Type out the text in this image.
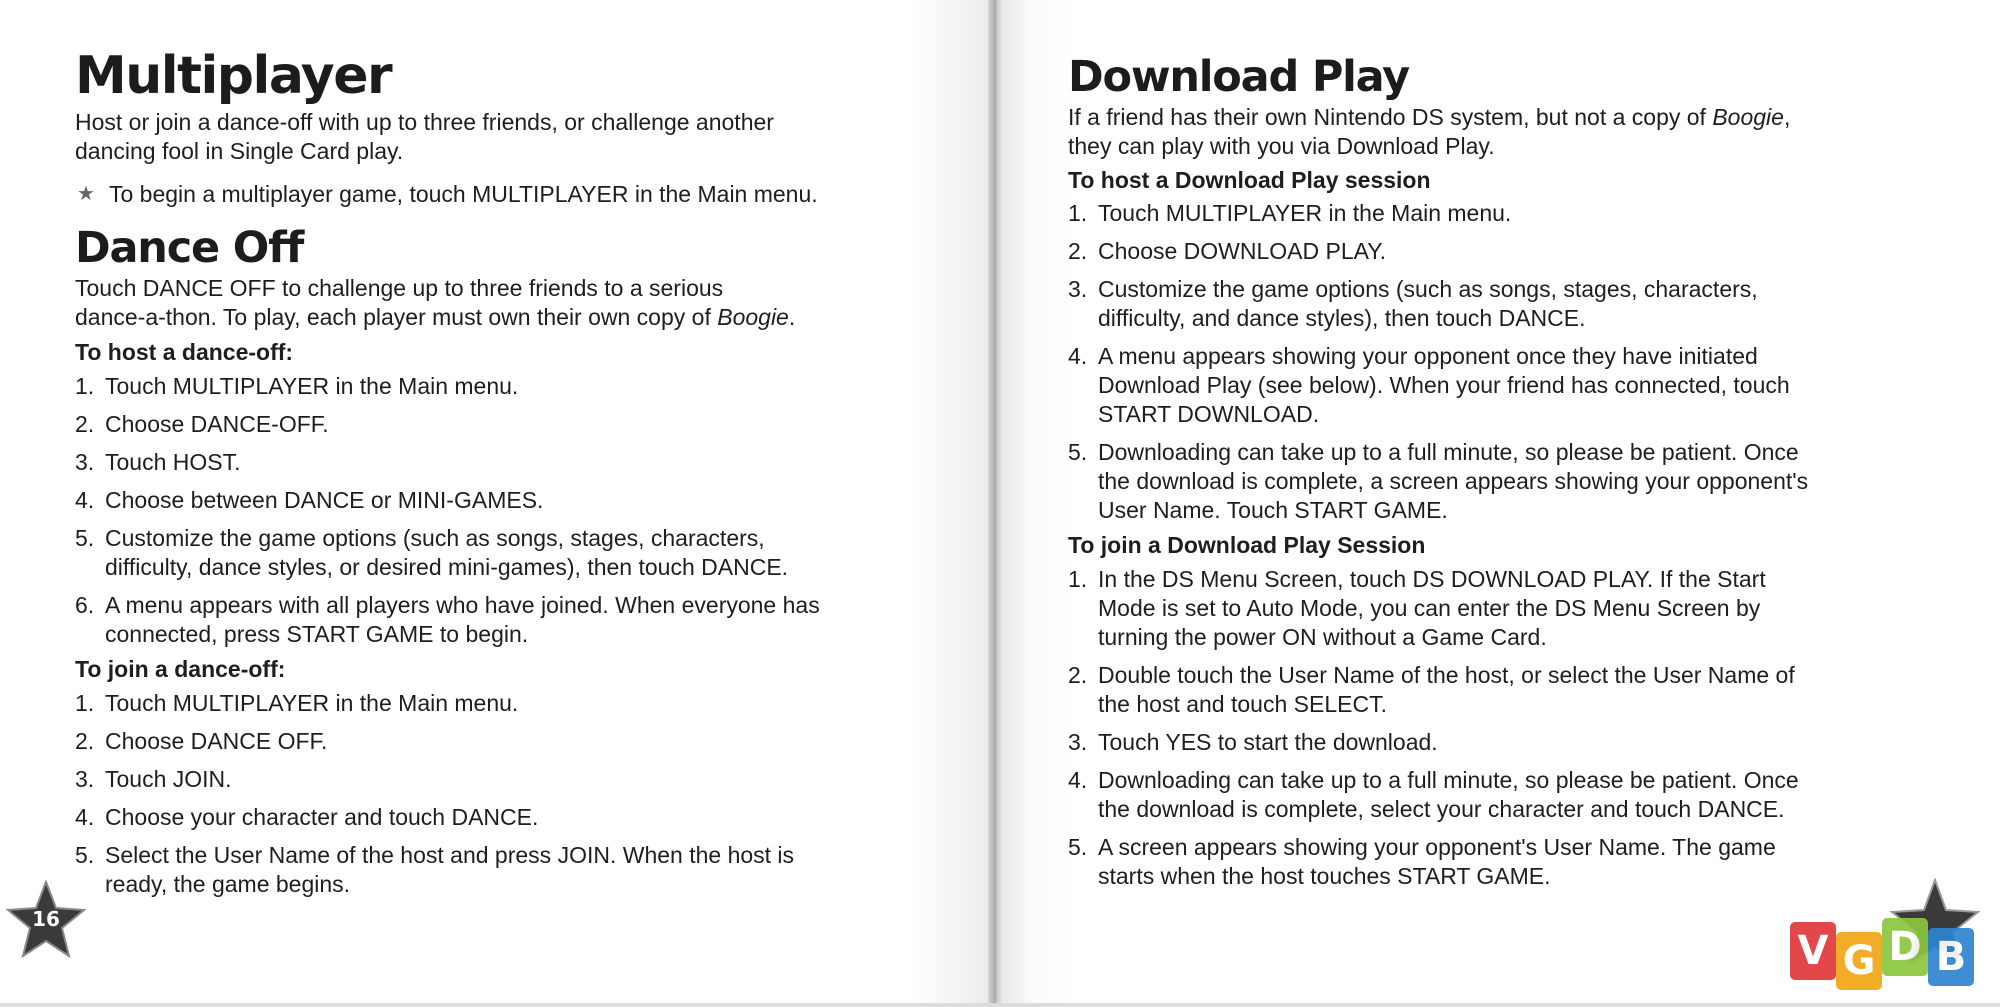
Multiplayer

Host or join a dance-off with up to three friends, or challenge another

dancing fool in Single Card play.

★ To begin a multiplayer game, touch MULTIPLAYER in the Main menu.
Dance Off

Touch DANCE OFF to challenge up to three friends to a serious

dance-a-thon. To play, each player must own their own copy of Boogie.

To host a dance-off:
1. Touch MULTIPLAYER in the Main menu.
2. Choose DANCE-OFF.
3. Touch HOST.
4. Choose between DANCE or MINI-GAMES.
5. Customize the game options (such as songs, stages, characters,
difficulty, dance styles, or desired mini-games), then touch DANCE.
6. A menu appears with all players who have joined. When everyone has
connected, press START GAME to begin.
To join a dance-off:
1. Touch MULTIPLAYER in the Main menu.
2. Choose DANCE OFF.
3. Touch JOIN.
4. Choose your character and touch DANCE.
5. Select the User Name of the host and press JOIN. When the host is
ready, the game begins.
16
Download Play

If a friend has their own Nintendo DS system, but not a copy of Boogie,

they can play with you via Download Play.

To host a Download Play session
1. Touch MULTIPLAYER in the Main menu.
2. Choose DOWNLOAD PLAY.
3. Customize the game options (such as songs, stages, characters,
difficulty, and dance styles), then touch DANCE.
4. A menu appears showing your opponent once they have initiated
Download Play (see below). When your friend has connected, touch
START DOWNLOAD.
5. Downloading can take up to a full minute, so please be patient. Once
the download is complete, a screen appears showing your opponent's
User Name. Touch START GAME.
To join a Download Play Session
1. In the DS Menu Screen, touch DS DOWNLOAD PLAY. If the Start
Mode is set to Auto Mode, you can enter the DS Menu Screen by
turning the power ON without a Game Card.
2. Double touch the User Name of the host, or select the User Name of
the host and touch SELECT.
3. Touch YES to start the download.
4. Downloading can take up to a full minute, so please be patient. Once
the download is complete, select your character and touch DANCE.
5. A screen appears showing your opponent's User Name. The game
starts when the host touches START GAME.
V G D B
